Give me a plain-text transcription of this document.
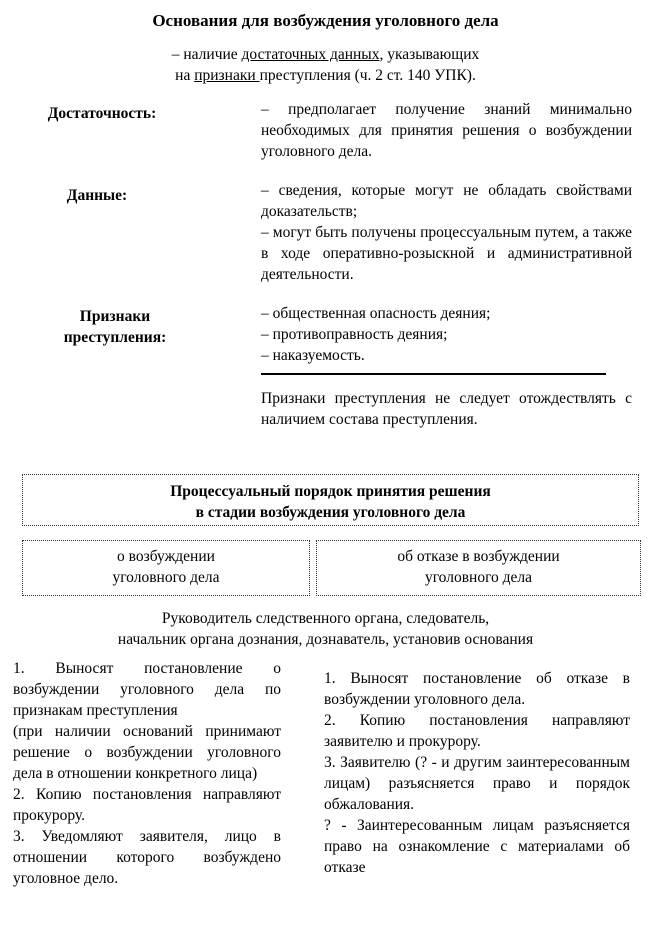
Основания для возбуждения уголовного дела
– наличие достаточных данных, указывающих
на признаки преступления (ч. 2 ст. 140 УПК).
Достаточность:	– предполагает получение знаний минимально необходимых для принятия решения о возбуждении уголовного дела.
Данные:	– сведения, которые могут не обладать свойствами доказательств;

– могут быть получены процессуальным путем, а также в ходе оперативно-розыскной и административной деятельности.

Признаки
преступления:

– общественная опасность деяния;

– противоправность деяния;

– наказуемость.

Признаки преступления не следует отождествлять с наличием состава преступления.
Процессуальный порядок принятия решения
в стадии возбуждения уголовного дела
о возбуждении
уголовного дела
об отказе в возбуждении
уголовного дела
Руководитель следственного органа, следователь,
начальник органа дознания, дознаватель, установив основания

1. Выносят постановление о возбуждении уголовного дела по признакам преступления

(при наличии оснований принимают решение о возбуждении уголовного дела в отношении конкретного лица)

2. Копию постановления направляют прокурору.

3. Уведомляют заявителя, лицо в отношении которого возбуждено уголовное дело.

1. Выносят постановление об отказе в возбуждении уголовного дела.

2. Копию постановления направляют заявителю и прокурору.

3. Заявителю (? - и другим заинтересованным лицам) разъясняется право и порядок обжалования.

? - Заинтересованным лицам разъясняется право на ознакомление с материалами об отказе
